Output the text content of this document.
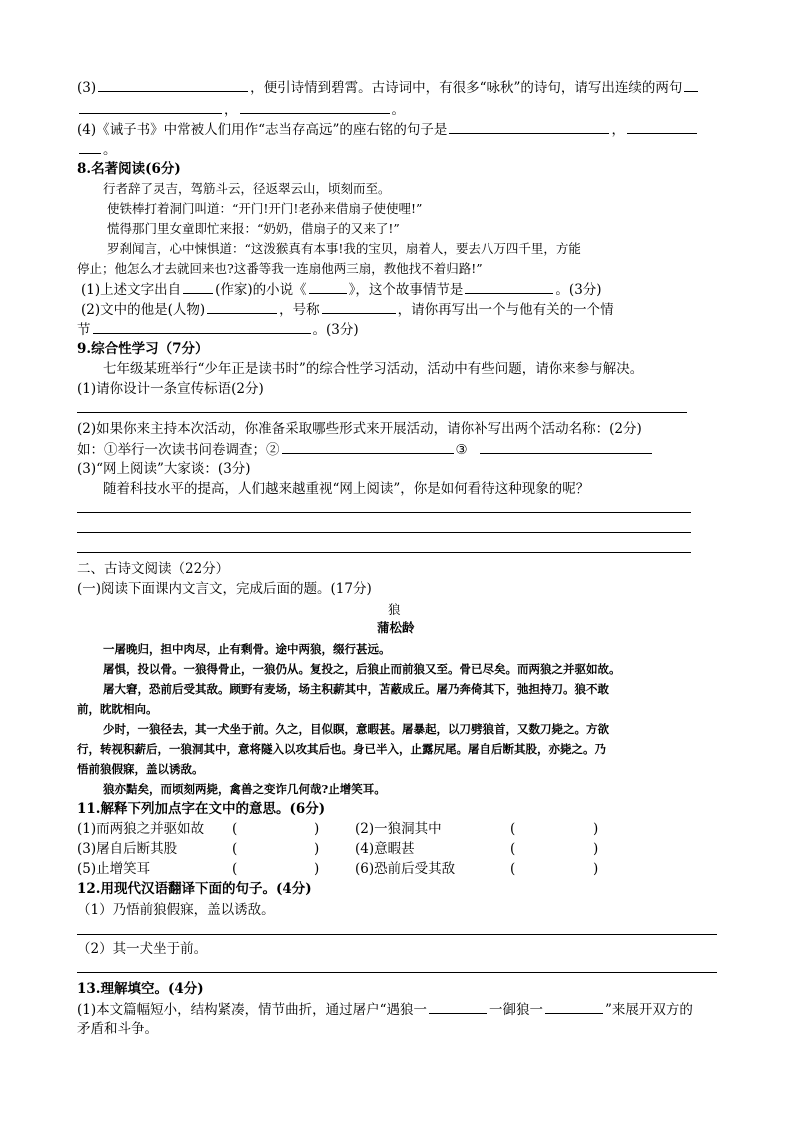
(3)	，便引诗情到碧霄。古诗词中，有很多“咏秋”的诗句，请写出连续的两句
，	。
(4)《诫子书》中常被人们用作“志当存高远”的座右铭的句子是	，
。
8.名著阅读(6分)
行者辞了灵吉，驾筋斗云，径返翠云山，顷刻而至。
使铁棒打着洞门叫道：“开门!开门!老孙来借扇子使使哩!”
慌得那门里女童即忙来报：“奶奶，借扇子的又来了!”
罗刹闻言，心中悚惧道：“这泼猴真有本事!我的宝贝，扇着人，要去八万四千里，方能
停止；他怎么才去就回来也?这番等我一连扇他两三扇，教他找不着归路!”
(1)上述文字出自	(作家)的小说《	》，这个故事情节是	。(3分)
(2)文中的他是(人物)	，号称	，请你再写出一个与他有关的一个情
节	。(3分)
9.综合性学习（7分）
七年级某班举行“少年正是读书时”的综合性学习活动，活动中有些问题，请你来参与解决。
(1)请你设计一条宣传标语(2分)
(2)如果你来主持本次活动，你准备采取哪些形式来开展活动，请你补写出两个活动名称：(2分)
如：①举行一次读书问卷调查；②	③
(3)“网上阅读”大家谈：(3分)
随着科技水平的提高，人们越来越重视“网上阅读”，你是如何看待这种现象的呢？
二、古诗文阅读（22分）
(一)阅读下面课内文言文，完成后面的题。(17分)
狼
蒲松龄
一屠晚归，担中肉尽，止有剩骨。途中两狼，缀行甚远。
屠惧，投以骨。一狼得骨止，一狼仍从。复投之，后狼止而前狼又至。骨已尽矣。而两狼之并驱如故。
屠大窘，恐前后受其敌。顾野有麦场，场主积薪其中，苫蔽成丘。屠乃奔倚其下，弛担持刀。狼不敢
前，眈眈相向。
少时，一狼径去，其一犬坐于前。久之，目似瞑，意暇甚。屠暴起，以刀劈狼首，又数刀毙之。方欲
行，转视积薪后，一狼洞其中，意将隧入以攻其后也。身已半入，止露尻尾。屠自后断其股，亦毙之。乃
悟前狼假寐，盖以诱敌。
狼亦黠矣，而顷刻两毙，禽兽之变诈几何哉?止增笑耳。
11.解释下列加点字在文中的意思。(6分)
(1)而两狼之并驱如故 (	)	(2)一狼洞其中	(	)
(3)屠自后断其股	(	)	(4)意暇甚	(	)
(5)止增笑耳	(	)	(6)恐前后受其敌	(	)
12.用现代汉语翻译下面的句子。(4分)
（1）乃悟前狼假寐，盖以诱敌。
（2）其一犬坐于前。
13.理解填空。(4分)
(1)本文篇幅短小，结构紧凑，情节曲折，通过屠户“遇狼一	一御狼一	”来展开双方的
矛盾和斗争。
